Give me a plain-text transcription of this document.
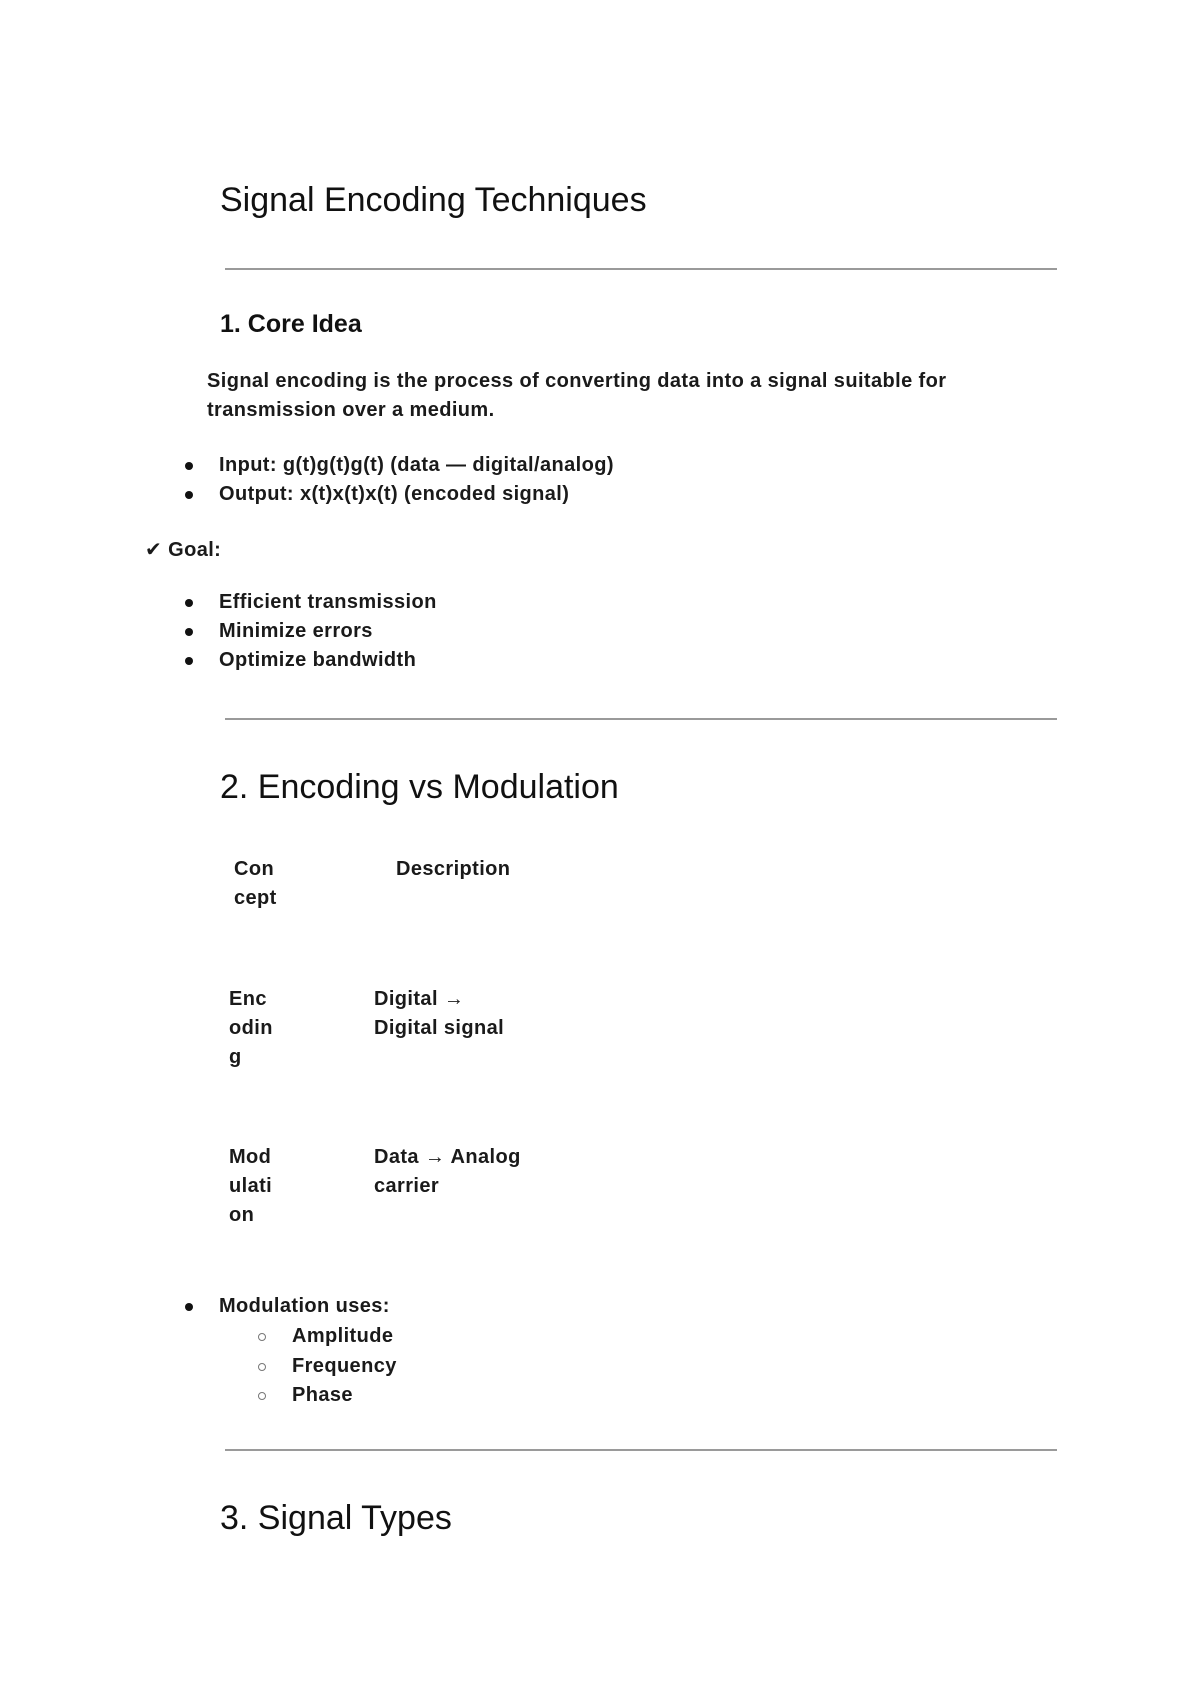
Signal Encoding Techniques
1. Core Idea
Signal encoding is the process of converting data into a signal suitable for
transmission over a medium.
Input: g(t)g(t)g(t) (data — digital/analog)
Output: x(t)x(t)x(t) (encoded signal)
✔ Goal:
Efficient transmission
Minimize errors
Optimize bandwidth
2. Encoding vs Modulation
Con
cept
Description
Enc
odin
g
Digital →
Digital signal
Mod
ulati
on
Data → Analog
carrier
Modulation uses:
Amplitude
Frequency
Phase
3. Signal Types
